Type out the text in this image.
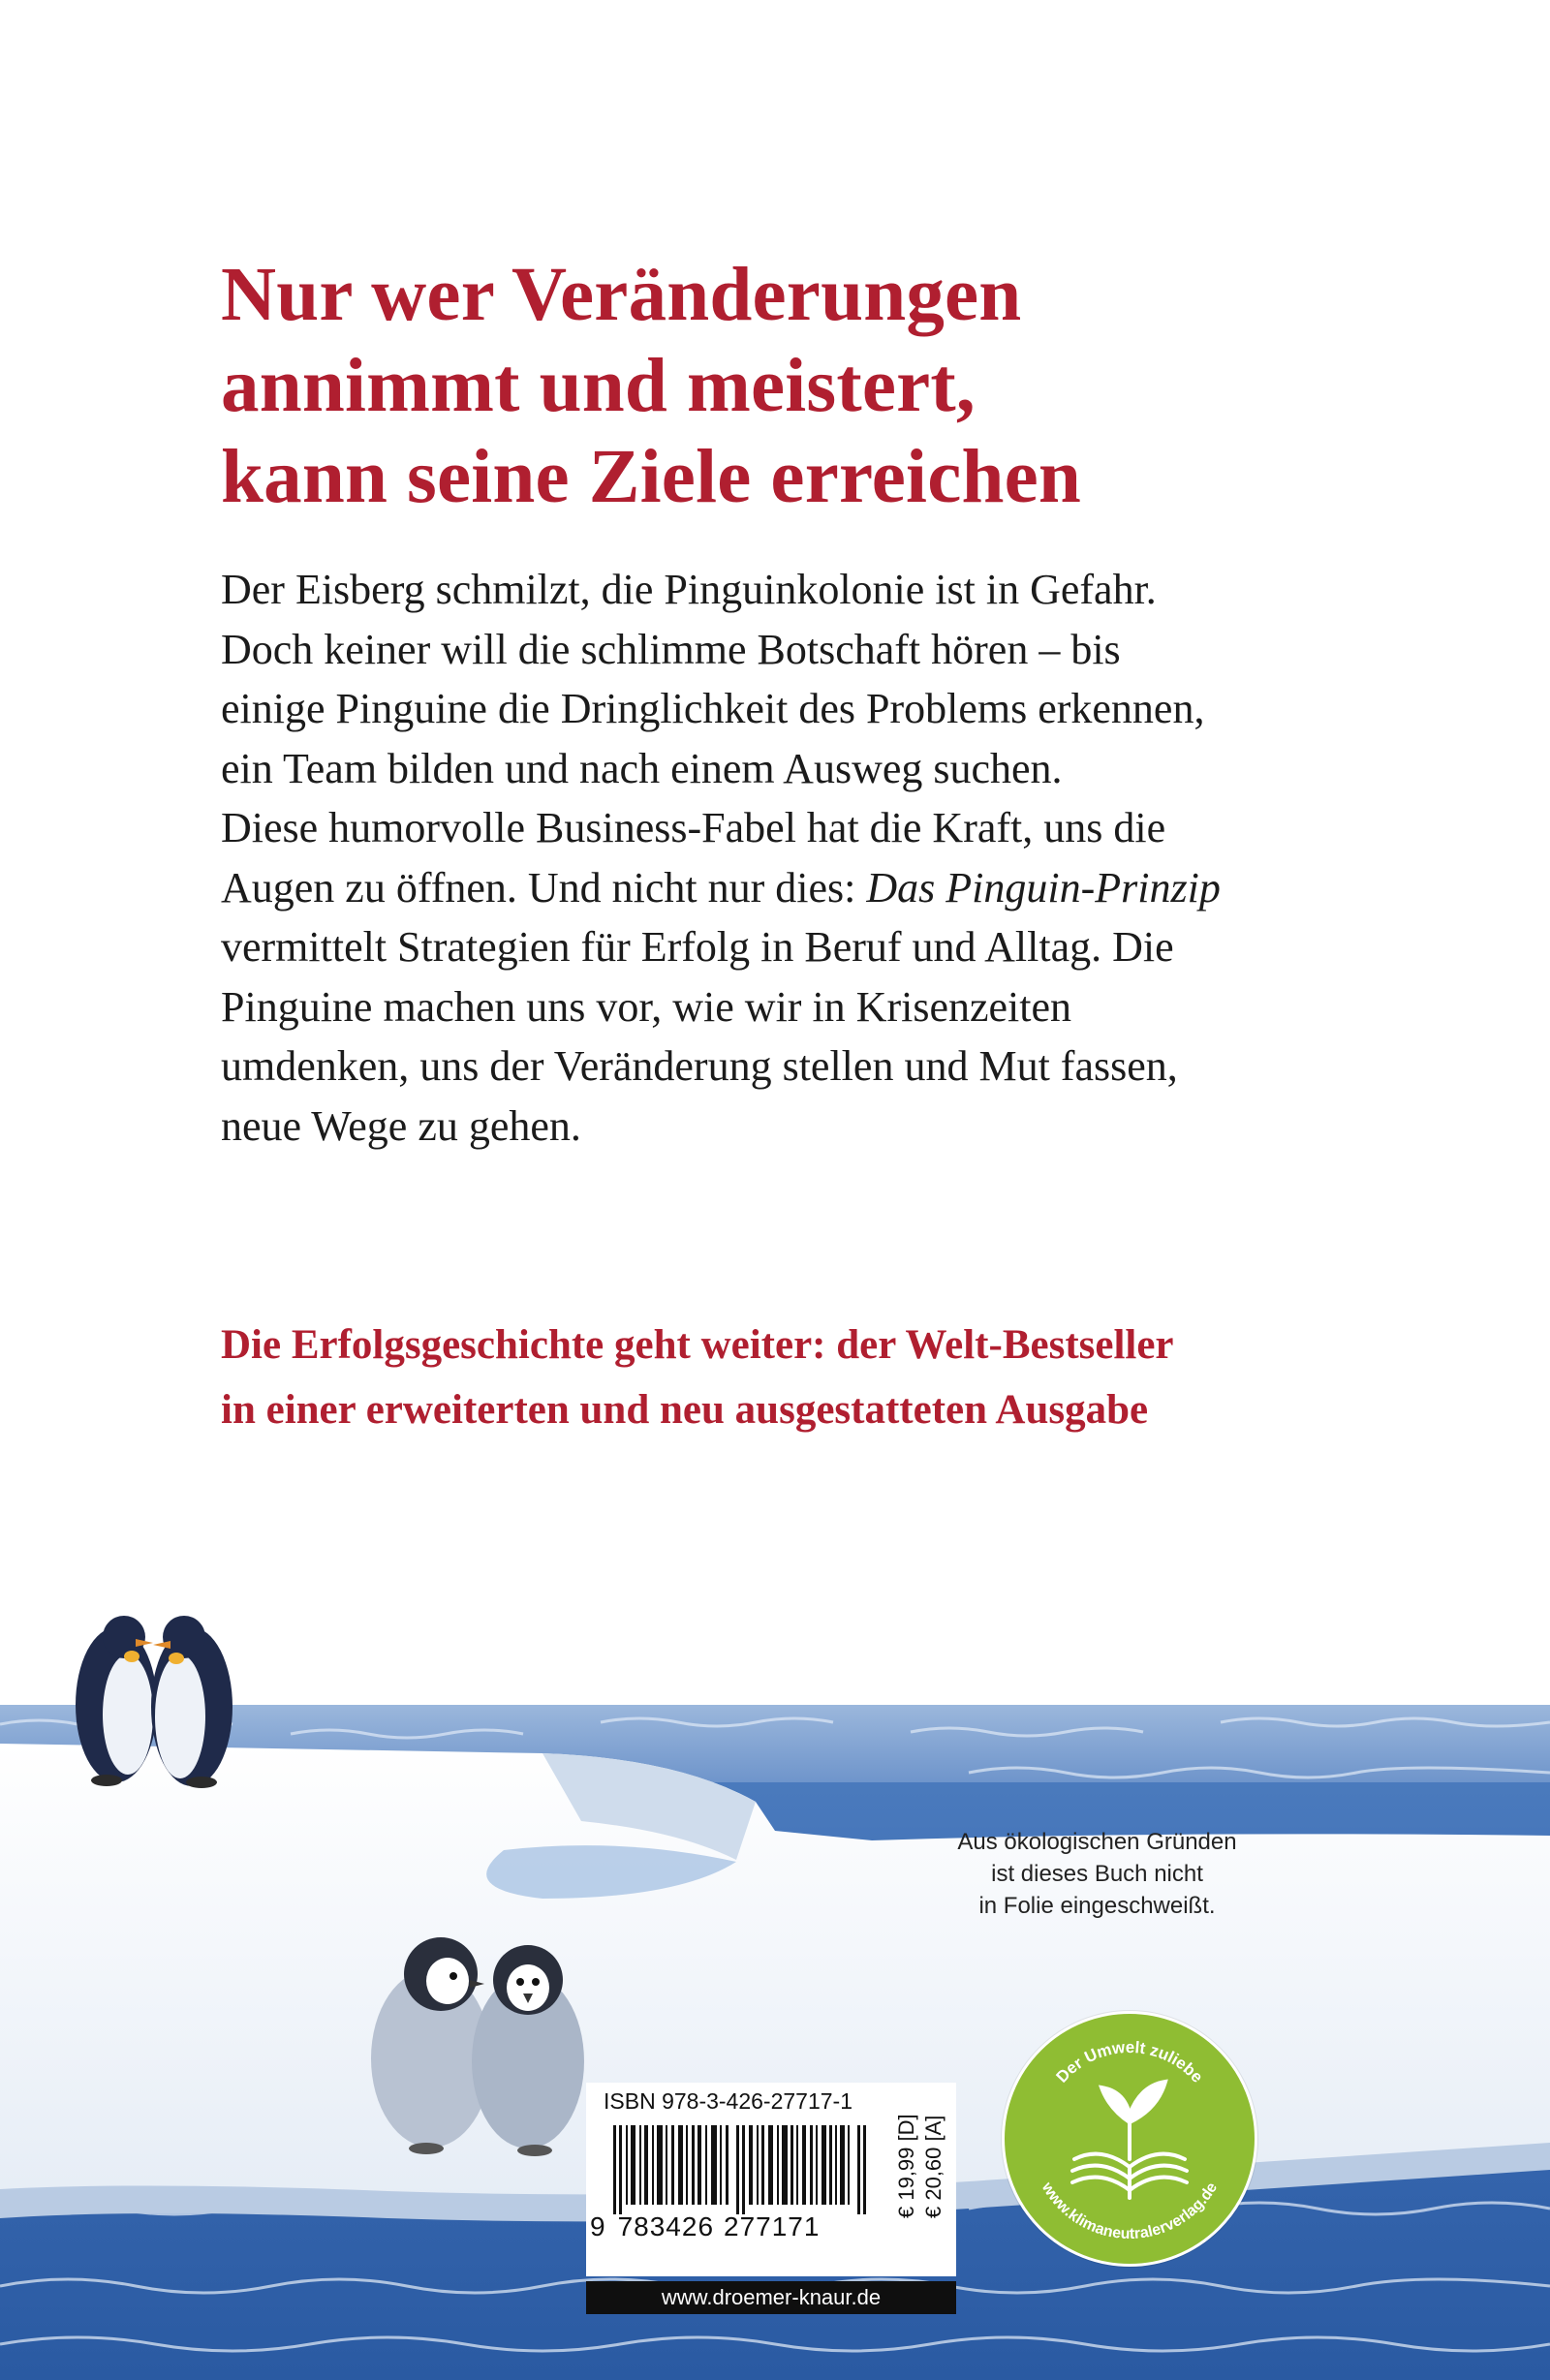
Nur wer Veränderungen
annimmt und meistert,
kann seine Ziele erreichen
Der Eisberg schmilzt, die Pinguinkolonie ist in Gefahr.
Doch keiner will die schlimme Botschaft hören – bis
einige Pinguine die Dringlichkeit des Problems erkennen,
ein Team bilden und nach einem Ausweg suchen.
Diese humorvolle Business-Fabel hat die Kraft, uns die
Augen zu öffnen. Und nicht nur dies: Das Pinguin-Prinzip
vermittelt Strategien für Erfolg in Beruf und Alltag. Die
Pinguine machen uns vor, wie wir in Krisenzeiten
umdenken, uns der Veränderung stellen und Mut fassen,
neue Wege zu gehen.
Die Erfolgsgeschichte geht weiter: der Welt-Bestseller
in einer erweiterten und neu ausgestatteten Ausgabe
Aus ökologischen Gründen
ist dieses Buch nicht
in Folie eingeschweißt.
Der Umwelt zuliebe
www.klimaneutralerverlag.de
ISBN 978-3-426-27717-1
9 783426 277171
€ 19,99 [D] € 20,60 [A]
www.droemer-knaur.de
